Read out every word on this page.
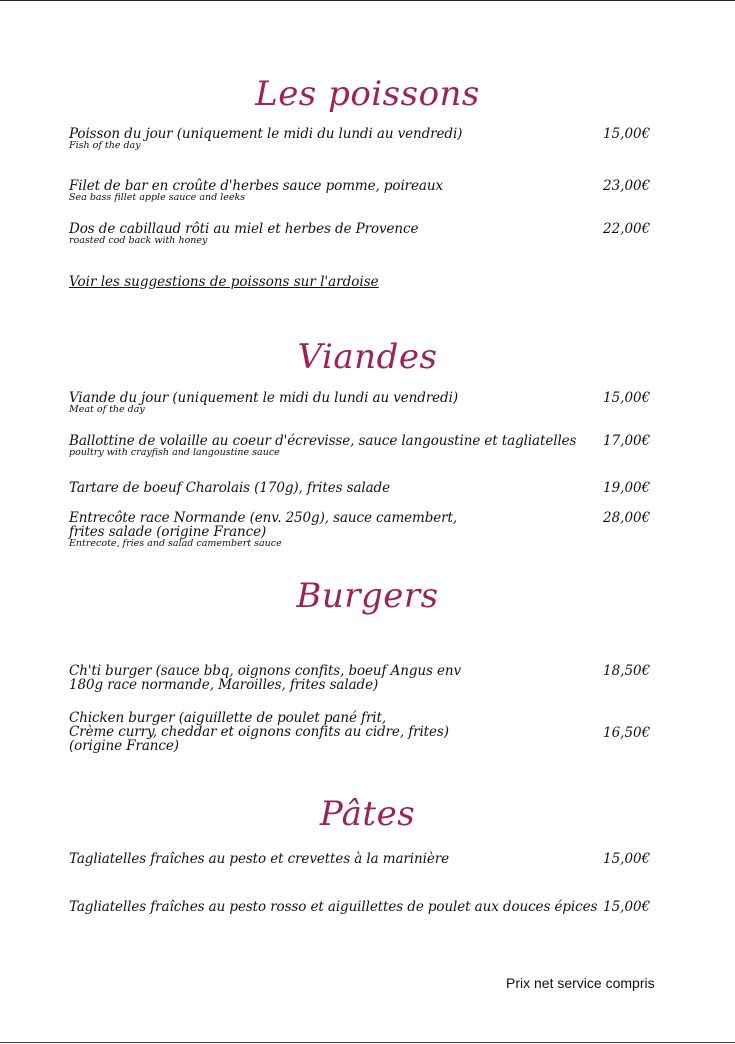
Les poissons
Poisson du jour (uniquement le midi du lundi au vendredi)
Fish of the day
15,00€
Filet de bar en croûte d'herbes sauce pomme, poireaux
Sea bass fillet apple sauce and leeks
23,00€
Dos de cabillaud rôti au miel et herbes de Provence
roasted cod back with honey
22,00€
Voir les suggestions de poissons sur l'ardoise
Viandes
Viande du jour (uniquement le midi du lundi au vendredi)
Meat of the day
15,00€
Ballottine de volaille au coeur d'écrevisse, sauce langoustine et tagliatelles
poultry with crayfish and langoustine sauce
17,00€
Tartare de boeuf Charolais (170g), frites salade	19,00€
Entrecôte race Normande (env. 250g), sauce camembert,
frites salade (origine France)
Entrecote, fries and salad camembert sauce
28,00€
Burgers
Ch'ti burger (sauce bbq, oignons confits, boeuf Angus env
180g race normande, Maroilles, frites salade)
18,50€
Chicken burger (aiguillette de poulet pané frit,
Crème curry, cheddar et oignons confits au cidre, frites)
(origine France)
16,50€
Pâtes
Tagliatelles fraîches au pesto et crevettes à la marinière	15,00€
Tagliatelles fraîches au pesto rosso et aiguillettes de poulet aux douces épices 15,00€
Prix net service compris
